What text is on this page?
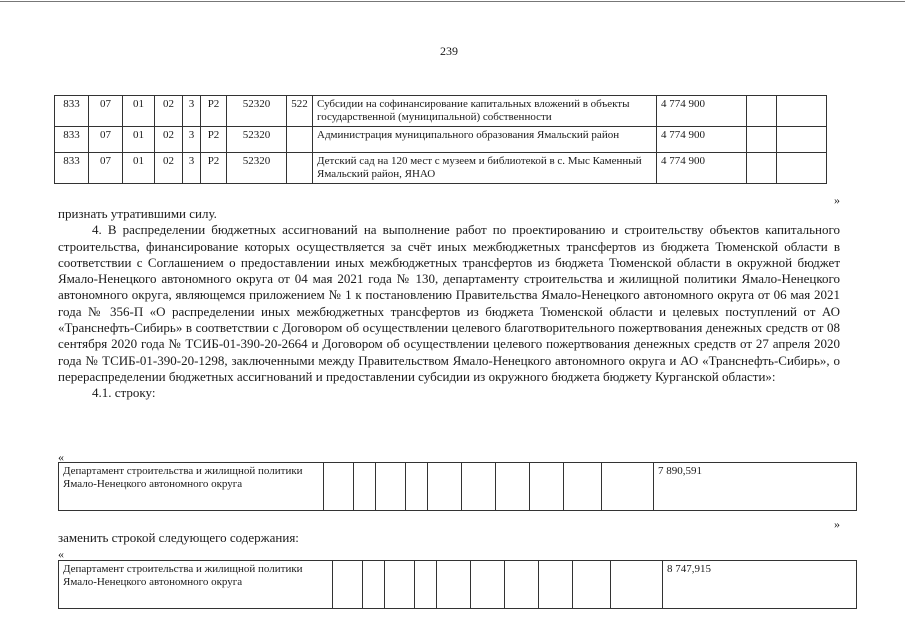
239
833	07	01	02	3	P2	52320	522	Субсидии на софинансирование капитальных вложений в объекты государственной (муниципальной) собственности	4 774 900		
833	07	01	02	3	P2	52320		Администрация муниципального образования Ямальский район	4 774 900		
833	07	01	02	3	P2	52320		Детский сад на 120 мест с музеем и библиотекой в с. Мыс Каменный Ямальский район, ЯНАО	4 774 900		
»

признать утратившими силу.

4. В распределении бюджетных ассигнований на выполнение работ по проектированию и строительству объектов капитального строительства, финансирование которых осуществляется за счёт иных межбюджетных трансфертов из бюджета Тюменской области в соответствии с Соглашением о предоставлении иных межбюджетных трансфертов из бюджета Тюменской области в окружной бюджет Ямало-Ненецкого автономного округа от 04 мая 2021 года № 130, департаменту строительства и жилищной политики Ямало-Ненецкого автономного округа, являющемся приложением № 1 к постановлению Правительства Ямало-Ненецкого автономного округа от 06 мая 2021 года № 356-П «О распределении иных межбюджетных трансфертов из бюджета Тюменской области и целевых поступлений от АО «Транснефть-Сибирь» в соответствии с Договором об осуществлении целевого благотворительного пожертвования денежных средств от 08 сентября 2020 года № ТСИБ-01-390-20-2664 и Договором об осуществлении целевого пожертвования денежных средств от 27 апреля 2020 года № ТСИБ-01-390-20-1298, заключенными между Правительством Ямало-Ненецкого автономного округа и АО «Транснефть-Сибирь», о перераспределении бюджетных ассигнований и предоставлении субсидии из окружного бюджета бюджету Курганской области»:

4.1. строку:

«
Департамент строительства и жилищной политики Ямало-Ненецкого автономного округа											7 890,591
»
заменить строкой следующего содержания:
«
Департамент строительства и жилищной политики Ямало-Ненецкого автономного округа											8 747,915
